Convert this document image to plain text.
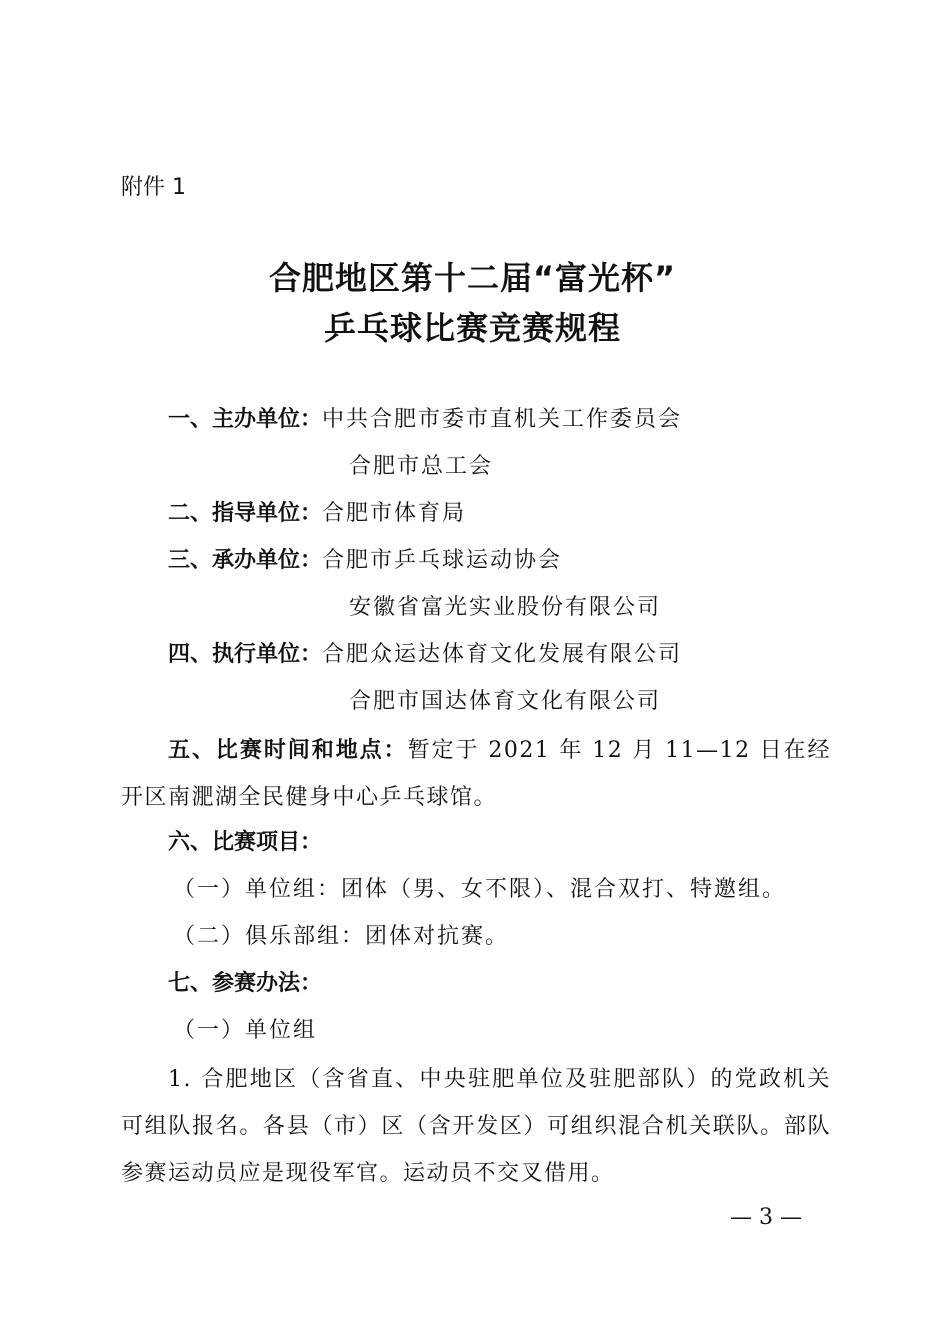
附件 1
合肥地区第十二届“富光杯”
乒乓球比赛竞赛规程
一、主办单位：中共合肥市委市直机关工作委员会
合肥市总工会
二、指导单位：合肥市体育局
三、承办单位：合肥市乒乓球运动协会
安徽省富光实业股份有限公司
四、执行单位：合肥众运达体育文化发展有限公司
合肥市国达体育文化有限公司
五、比赛时间和地点：暂定于 2021 年 12 月 11—12 日在经开区南淝湖全民健身中心乒乓球馆。
六、比赛项目：
（一）单位组：团体（男、女不限）、混合双打、特邀组。
（二）俱乐部组：团体对抗赛。
七、参赛办法：
（一）单位组
1. 合肥地区（含省直、中央驻肥单位及驻肥部队）的党政机关可组队报名。各县（市）区（含开发区）可组织混合机关联队。部队参赛运动员应是现役军官。运动员不交叉借用。
— 3 —
